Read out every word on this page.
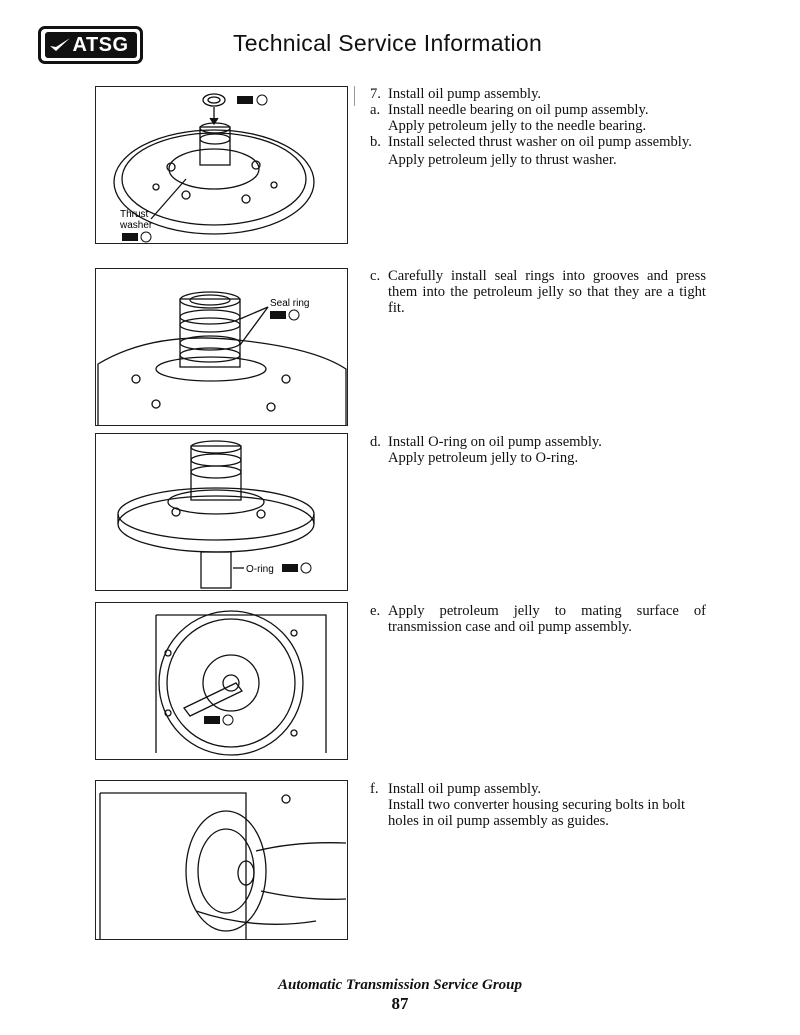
ATSG	Technical Service Information
Thrust
washer
Seal ring
O-ring
7. Install oil pump assembly.
a. Install needle bearing on oil pump assembly.
Apply petroleum jelly to the needle bearing.
b. Install selected thrust washer on oil pump assembly.
Apply petroleum jelly to thrust washer.
c. Carefully install seal rings into grooves and press them into the petroleum jelly so that they are a tight fit.
d. Install O-ring on oil pump assembly.
Apply petroleum jelly to O-ring.
e. Apply petroleum jelly to mating surface of transmission case and oil pump assembly.
f. Install oil pump assembly.
Install two converter housing securing bolts in bolt holes in oil pump assembly as guides.
Automatic Transmission Service Group
87
